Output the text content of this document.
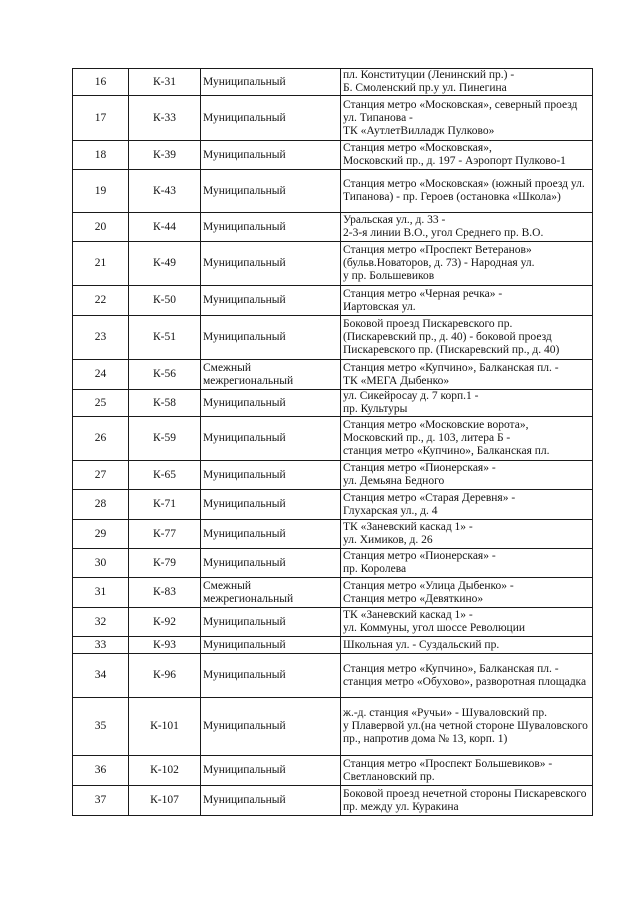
16	К-31	Муниципальный	пл. Конституции (Ленинский пр.) -
Б. Смоленский пр.у ул. Пинегина
17	К-33	Муниципальный	Станция метро «Московская», северный проезд ул. Типанова -
ТК «АутлетВилладж Пулково»
18	К-39	Муниципальный	Станция метро «Московская»,
Московский пр., д. 197 - Аэропорт Пулково-1
19	К-43	Муниципальный	Станция метро «Московская» (южный проезд ул. Типанова) - пр. Героев (остановка «Школа»)
20	К-44	Муниципальный	Уральская ул., д. 33 -
2-3-я линии В.О., угол Среднего пр. В.О.
21	К-49	Муниципальный	Станция метро «Проспект Ветеранов» (бульв.Новаторов, д. 73) - Народная ул.
у пр. Большевиков
22	К-50	Муниципальный	Станция метро «Черная речка» -
Иартовская ул.
23	К-51	Муниципальный	Боковой проезд Пискаревского пр.
(Пискаревский пр., д. 40) - боковой проезд Пискаревского пр. (Пискаревский пр., д. 40)
24	К-56	Смежный межрегиональный	Станция метро «Купчино», Балканская пл. -
ТК «МЕГА Дыбенко»
25	К-58	Муниципальный	ул. Сикейросау д. 7 корп.1 -
пр. Культуры
26	К-59	Муниципальный	Станция метро «Московские ворота»,
Московский пр., д. 103, литера Б -
станция метро «Купчино», Балканская пл.
27	К-65	Муниципальный	Станция метро «Пионерская» -
ул. Демьяна Бедного
28	К-71	Муниципальный	Станция метро «Старая Деревня» -
Глухарская ул., д. 4
29	К-77	Муниципальный	ТК «Заневский каскад 1» -
ул. Химиков, д. 26
30	К-79	Муниципальный	Станция метро «Пионерская» -
пр. Королева
31	К-83	Смежный межрегиональный	Станция метро «Улица Дыбенко» -
Станция метро «Девяткино»
32	К-92	Муниципальный	ТК «Заневский каскад 1» -
ул. Коммуны, угол шоссе Революции
33	К-93	Муниципальный	Школьная ул. - Суздальский пр.
34	К-96	Муниципальный	Станция метро «Купчино», Балканская пл. -
станция метро «Обухово», разворотная площадка
35	К-101	Муниципальный	ж.-д. станция «Ручьи» - Шуваловский пр.
у Плавервой ул.(на четной стороне Шуваловского пр., напротив дома № 13, корп. 1)
36	К-102	Муниципальный	Станция метро «Проспект Большевиков» -
Светлановский пр.
37	К-107	Муниципальный	Боковой проезд нечетной стороны Пискаревского пр. между ул. Куракина
